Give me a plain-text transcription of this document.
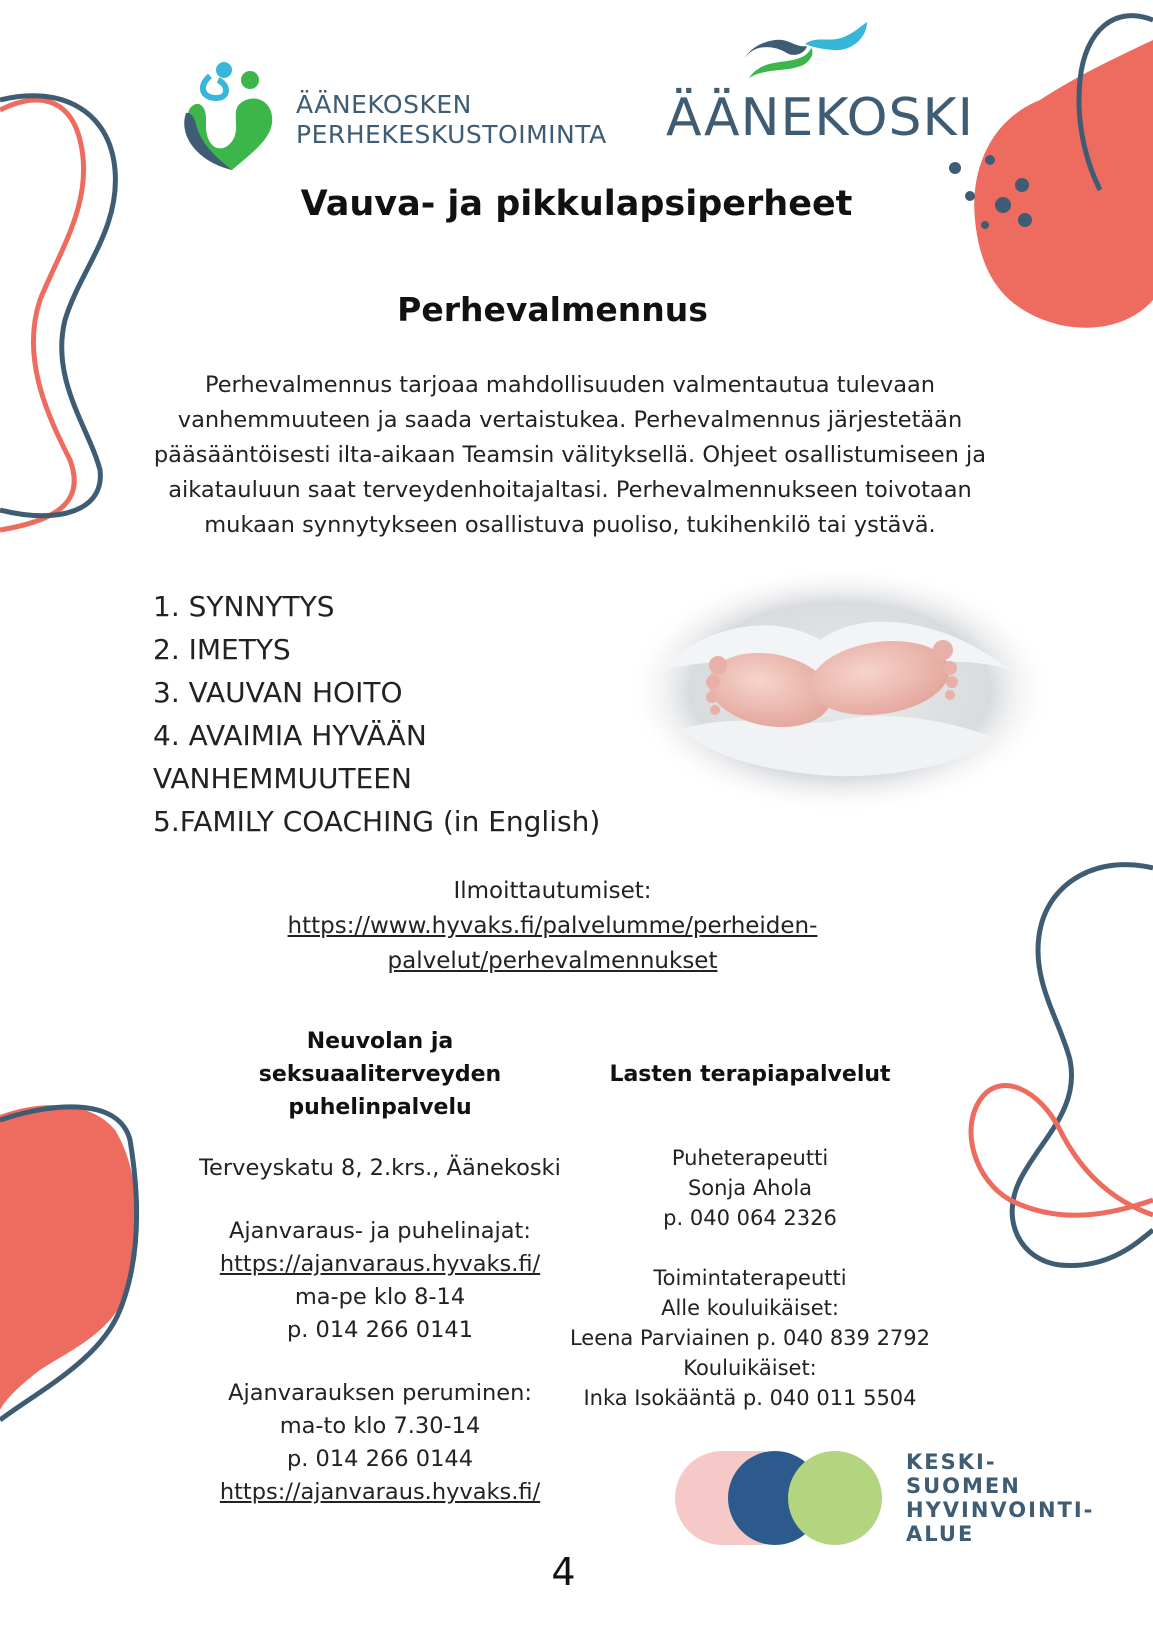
ÄÄNEKOSKEN
PERHEKESKUSTOIMINTA ÄÄNEKOSKI
Vauva- ja pikkulapsiperheet
Perhevalmennus
Perhevalmennus tarjoaa mahdollisuuden valmentautua tulevaan vanhemmuuteen ja saada vertaistukea. Perhevalmennus järjestetään pääsääntöisesti ilta-aikaan Teamsin välityksellä. Ohjeet osallistumiseen ja aikatauluun saat terveydenhoitajaltasi. Perhevalmennukseen toivotaan mukaan synnytykseen osallistuva puoliso, tukihenkilö tai ystävä.
1. SYNNYTYS
2. IMETYS
3. VAUVAN HOITO
4. AVAIMIA HYVÄÄN
VANHEMMUUTEEN
5.FAMILY COACHING (in English)
Ilmoittautumiset:
https://www.hyvaks.fi/palvelumme/perheiden-
palvelut/perhevalmennukset
Neuvolan ja
seksuaaliterveyden
puhelinpalvelu
Terveyskatu 8, 2.krs., Äänekoski
Ajanvaraus- ja puhelinajat:
https://ajanvaraus.hyvaks.fi/
ma-pe klo 8-14
p. 014 266 0141
Ajanvarauksen peruminen:
ma-to klo 7.30-14
p. 014 266 0144
https://ajanvaraus.hyvaks.fi/
Lasten terapiapalvelut
Puheterapeutti
Sonja Ahola
p. 040 064 2326
Toimintaterapeutti
Alle kouluikäiset:
Leena Parviainen p. 040 839 2792
Kouluikäiset:
Inka Isokääntä p. 040 011 5504
KESKI-
SUOMEN
HYVINVOINTI-
ALUE
4
